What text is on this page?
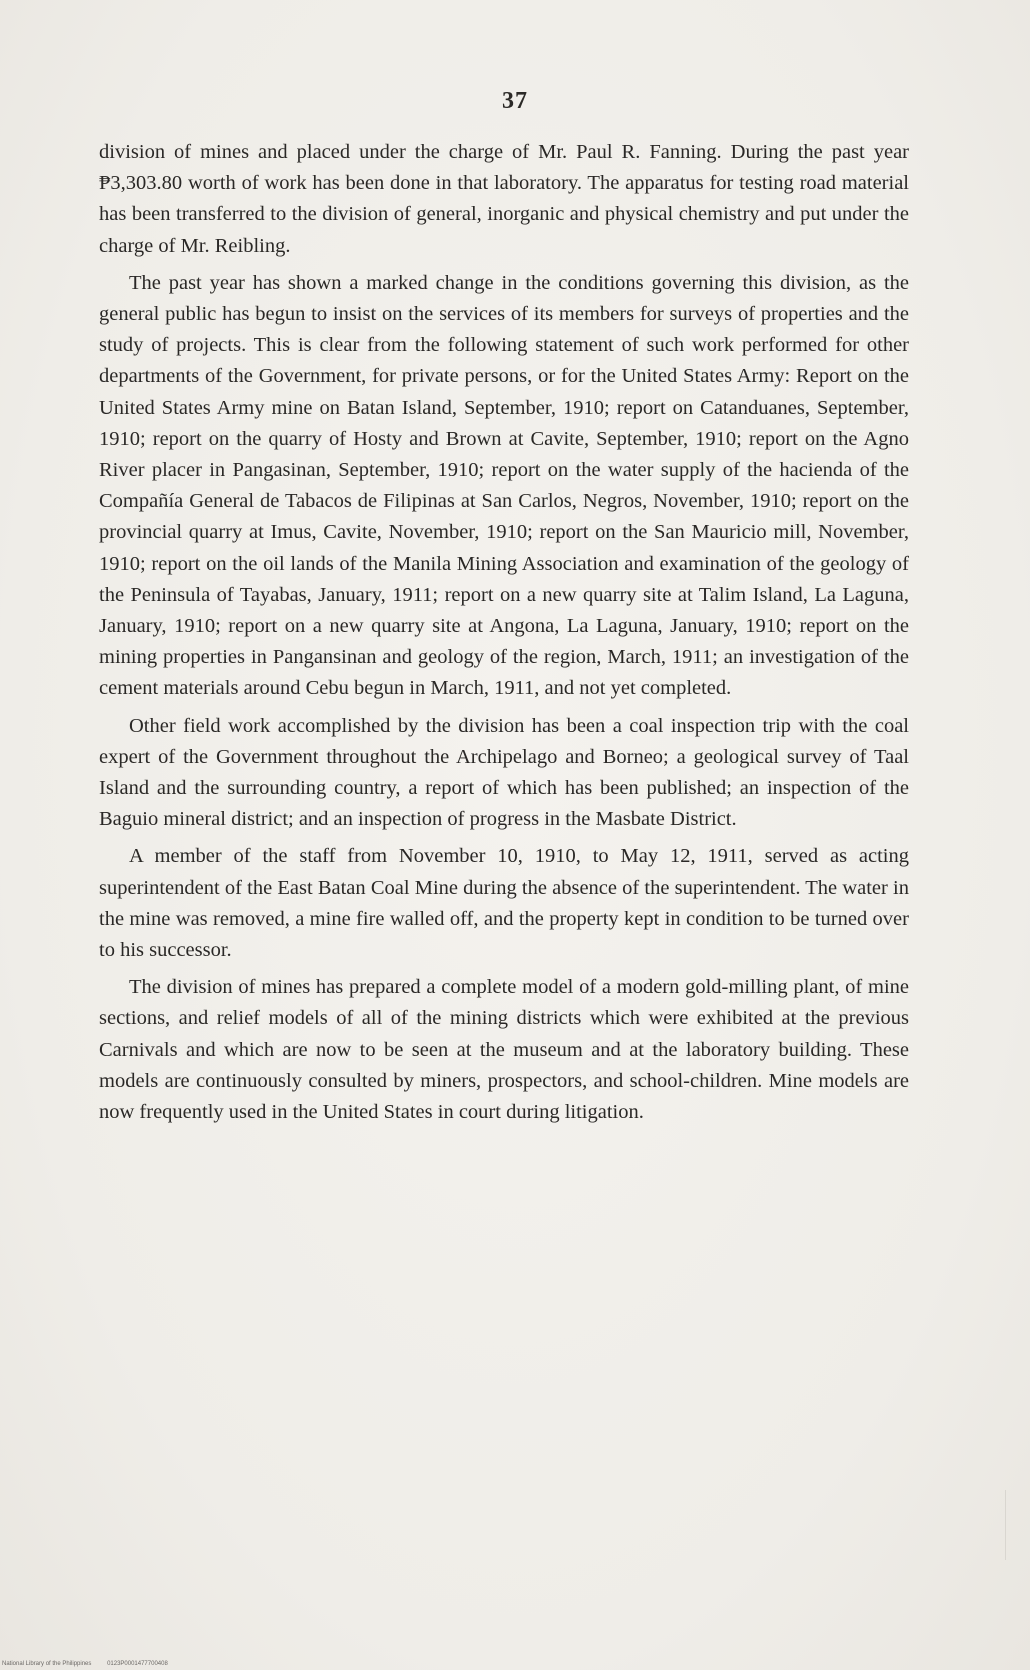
37

division of mines and placed under the charge of Mr. Paul R. Fanning. During the past year ₱3,303.80 worth of work has been done in that laboratory. The apparatus for testing road material has been transferred to the division of general, inorganic and physical chemistry and put under the charge of Mr. Reibling.

The past year has shown a marked change in the conditions governing this division, as the general public has begun to insist on the services of its members for surveys of properties and the study of projects. This is clear from the following statement of such work performed for other departments of the Government, for private persons, or for the United States Army: Report on the United States Army mine on Batan Island, September, 1910; report on Catanduanes, September, 1910; report on the quarry of Hosty and Brown at Cavite, September, 1910; report on the Agno River placer in Pangasinan, September, 1910; report on the water supply of the hacienda of the Compañía General de Tabacos de Filipinas at San Carlos, Negros, November, 1910; report on the provincial quarry at Imus, Cavite, November, 1910; report on the San Mauricio mill, November, 1910; report on the oil lands of the Manila Mining Association and examination of the geology of the Peninsula of Tayabas, January, 1911; report on a new quarry site at Talim Island, La Laguna, January, 1910; report on a new quarry site at Angona, La Laguna, January, 1910; report on the mining properties in Pangansinan and geology of the region, March, 1911; an investigation of the cement materials around Cebu begun in March, 1911, and not yet completed.

Other field work accomplished by the division has been a coal inspection trip with the coal expert of the Government throughout the Archipelago and Borneo; a geological survey of Taal Island and the surrounding country, a report of which has been published; an inspection of the Baguio mineral district; and an inspection of progress in the Masbate District.

A member of the staff from November 10, 1910, to May 12, 1911, served as acting superintendent of the East Batan Coal Mine during the absence of the superintendent. The water in the mine was removed, a mine fire walled off, and the property kept in condition to be turned over to his successor.

The division of mines has prepared a complete model of a modern gold-milling plant, of mine sections, and relief models of all of the mining districts which were exhibited at the previous Carnivals and which are now to be seen at the museum and at the laboratory building. These models are continuously consulted by miners, prospectors, and school-children. Mine models are now frequently used in the United States in court during litigation.

National Library of the Philippines	0123P0001477700408
